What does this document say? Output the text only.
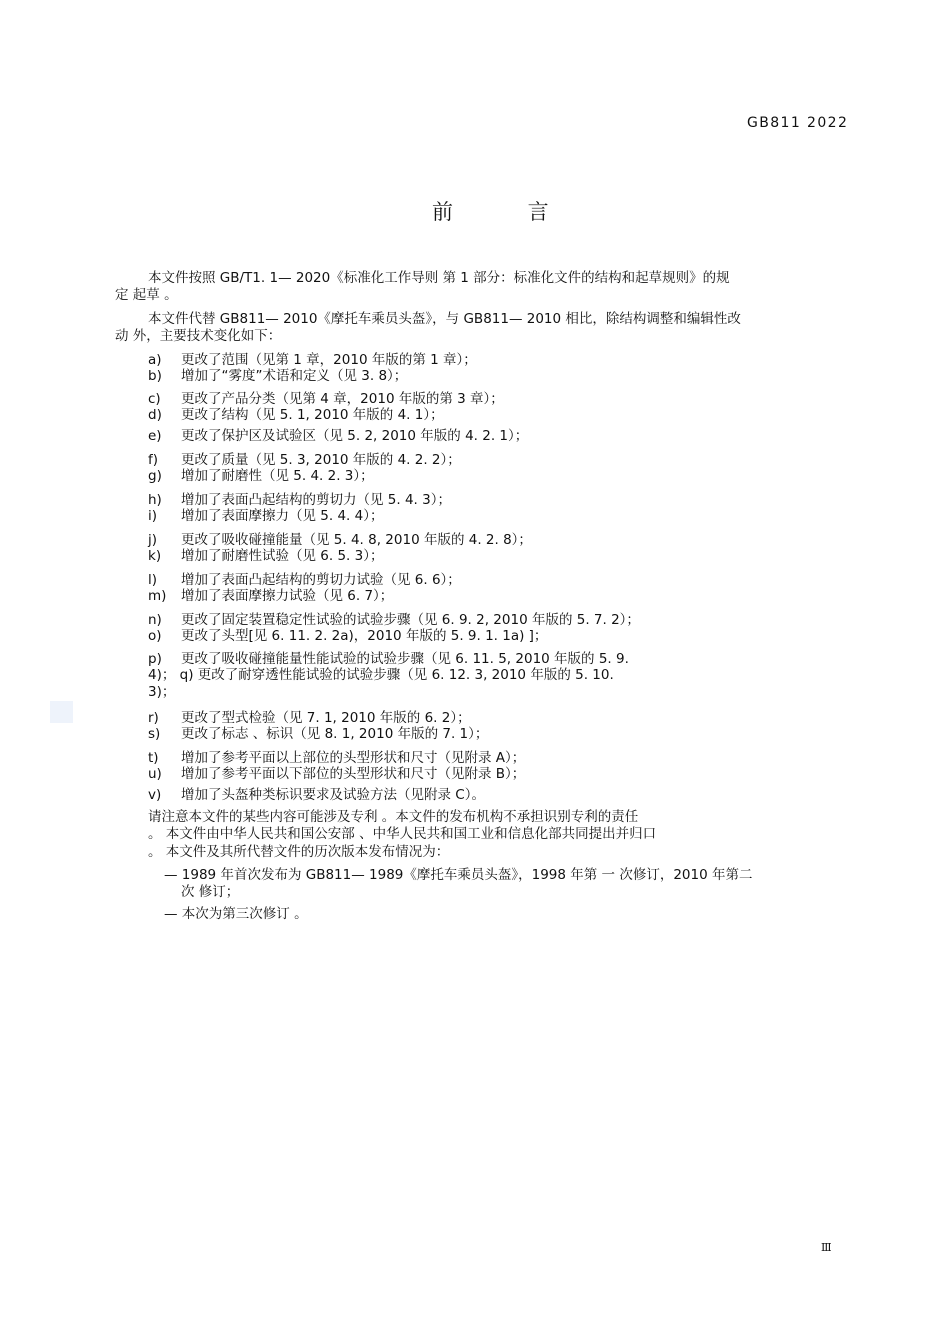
GB811 2022
前 言
本文件按照 GB/T1. 1— 2020《标准化工作导则 第 1 部分：标准化文件的结构和起草规则》的规
定 起草 。
本文件代替 GB811— 2010《摩托车乘员头盔》，与 GB811— 2010 相比，除结构调整和编辑性改
动 外，主要技术变化如下：
a) 更改了范围（见第 1 章，2010 年版的第 1 章）；
b) 增加了“雾度”术语和定义（见 3. 8）；
c) 更改了产品分类（见第 4 章，2010 年版的第 3 章）；
d) 更改了结构（见 5. 1, 2010 年版的 4. 1）；
e) 更改了保护区及试验区（见 5. 2, 2010 年版的 4. 2. 1）；
f) 更改了质量（见 5. 3, 2010 年版的 4. 2. 2）；
g) 增加了耐磨性（见 5. 4. 2. 3）；
h) 增加了表面凸起结构的剪切力（见 5. 4. 3）；
i) 增加了表面摩擦力（见 5. 4. 4）；
j) 更改了吸收碰撞能量（见 5. 4. 8, 2010 年版的 4. 2. 8）；
k) 增加了耐磨性试验（见 6. 5. 3）；
l) 增加了表面凸起结构的剪切力试验（见 6. 6）；
m) 增加了表面摩擦力试验（见 6. 7）；
n) 更改了固定装置稳定性试验的试验步骤（见 6. 9. 2, 2010 年版的 5. 7. 2）；
o) 更改了头型[见 6. 11. 2. 2a)，2010 年版的 5. 9. 1. 1a) ]；
p) 更改了吸收碰撞能量性能试验的试验步骤（见 6. 11. 5, 2010 年版的 5. 9.
4)； q) 更改了耐穿透性能试验的试验步骤（见 6. 12. 3, 2010 年版的 5. 10.
3)；
r) 更改了型式检验（见 7. 1, 2010 年版的 6. 2）；
s) 更改了标志 、标识（见 8. 1, 2010 年版的 7. 1）；
t) 增加了参考平面以上部位的头型形状和尺寸（见附录 A）；
u) 增加了参考平面以下部位的头型形状和尺寸（见附录 B）；
v) 增加了头盔种类标识要求及试验方法（见附录 C）。
请注意本文件的某些内容可能涉及专利 。本文件的发布机构不承担识别专利的责任
。 本文件由中华人民共和国公安部 、中华人民共和国工业和信息化部共同提出并归口
。 本文件及其所代替文件的历次版本发布情况为：
— 1989 年首次发布为 GB811— 1989《摩托车乘员头盔》，1998 年第 一 次修订，2010 年第二
次 修订；
— 本次为第三次修订 。
Ⅲ
